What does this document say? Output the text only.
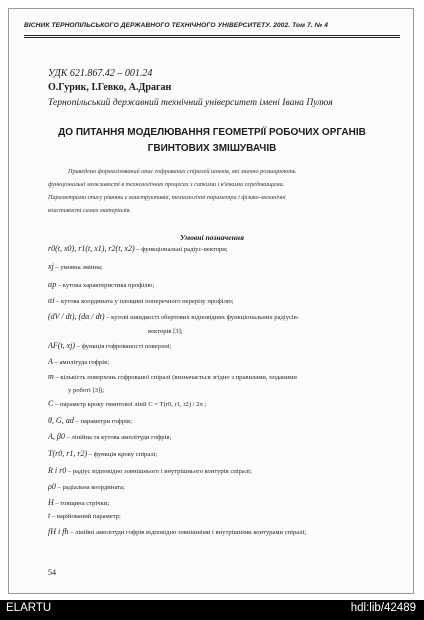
ВІСНИК ТЕРНОПІЛЬСЬКОГО ДЕРЖАВНОГО ТЕХНІЧНОГО УНІВЕРСИТЕТУ. 2002. Том 7. № 4
УДК 621.867.42 – 001.24
О.Гурик, І.Гевко, А.Драган
Тернопільський державний технічний університет імені Івана Пулюя
ДО ПИТАННЯ МОДЕЛЮВАННЯ ГЕОМЕТРІЇ РОБОЧИХ ОРГАНІВ
ГВИНТОВИХ ЗМІШУВАЧІВ
Приведено формалізований опис гофрованих спіралей шнеків, які значно розширюють
функціональні можливості в технологічних процесах з сипкими і в'язкими середовищами.
Параметрами опису рівнянь є конструктивні, технологічні параметри і фізико-механічні
властивості самих матеріалів.
Умовні позначення
r0(t, x0), r1(t, x1), r2(t, x2) – функціональні радіус-вектори;
xj – умовна змінна;
αp – кутова характеристика профілю;
αi – кутова координата у площині поперечного перерізу профілю;
(dV / dt), (dα / dt) – кутові швидкості обертових відповідних функціональних радіусів-
векторів [3];
AF(t, xj) – функція гофрованості поверхні;
A – амплітуда гофрів;
m – кількість поверхонь гофрованої спіралі (визначається згідно з правилами, поданими
у роботі [3]);
C – параметр кроку гвинтової лінії C = T(r0, r1, r2) / 2π ;
θ, G, αd – параметри гофрів;
A, β0 – лінійна та кутова амплітуди гофрів;
T(r0, r1, r2) – функція кроку спіралі;
R і r0 – радіус відповідно зовнішнього і внутрішнього контурів спіралі;
ρ0 – радіальна координата;
H – товщина стрічки;
t – варійований параметр;
fH і fh – лінійні амплітуди гофрів відповідно зовнішніми і внутрішніми контурами спіралі;
54
ELARTU	hdl:lib/42489
